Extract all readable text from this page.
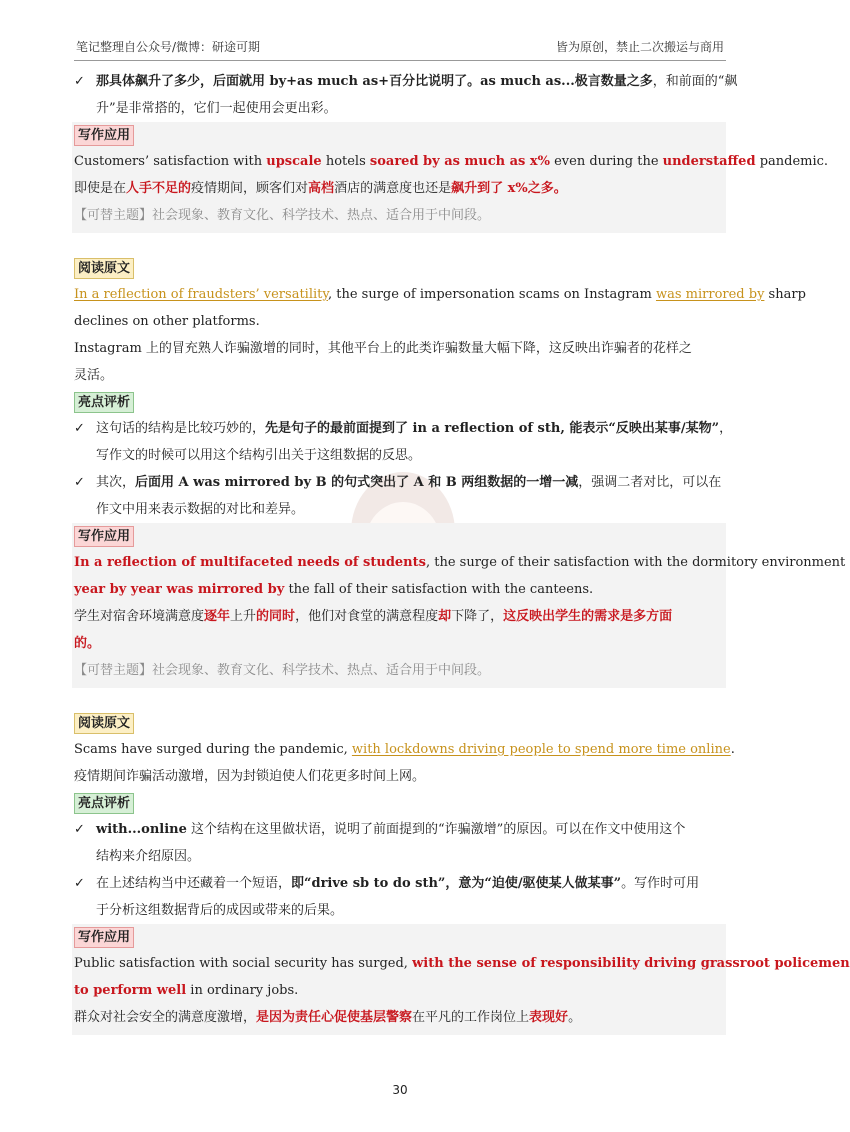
笔记整理自公众号/微博：研途可期	皆为原创，禁止二次搬运与商用
✓ 那具体飙升了多少，后面就用 by+as much as+百分比说明了。as much as...极言数量之多，和前面的“飙
升”是非常搭的，它们一起使用会更出彩。
写作应用
Customers’ satisfaction with upscale hotels soared by as much as x% even during the understaffed pandemic.
即使是在人手不足的疫情期间，顾客们对高档酒店的满意度也还是飙升到了 x%之多。
【可替主题】社会现象、教育文化、科学技术、热点、适合用于中间段。
阅读原文
In a reflection of fraudsters’ versatility, the surge of impersonation scams on Instagram was mirrored by sharp
declines on other platforms.
Instagram 上的冒充熟人诈骗激增的同时，其他平台上的此类诈骗数量大幅下降，这反映出诈骗者的花样之
灵活。
亮点评析
✓ 这句话的结构是比较巧妙的，先是句子的最前面提到了 in a reflection of sth, 能表示“反映出某事/某物”，
写作文的时候可以用这个结构引出关于这组数据的反思。
✓ 其次，后面用 A was mirrored by B 的句式突出了 A 和 B 两组数据的一增一减，强调二者对比，可以在
作文中用来表示数据的对比和差异。
写作应用
In a reflection of multifaceted needs of students, the surge of their satisfaction with the dormitory environment
year by year was mirrored by the fall of their satisfaction with the canteens.
学生对宿舍环境满意度逐年上升的同时，他们对食堂的满意程度却下降了，这反映出学生的需求是多方面
的。
【可替主题】社会现象、教育文化、科学技术、热点、适合用于中间段。
阅读原文
Scams have surged during the pandemic, with lockdowns driving people to spend more time online.
疫情期间诈骗活动激增，因为封锁迫使人们花更多时间上网。
亮点评析
✓ with...online 这个结构在这里做状语，说明了前面提到的“诈骗激增”的原因。可以在作文中使用这个
结构来介绍原因。
✓ 在上述结构当中还藏着一个短语，即“drive sb to do sth”，意为“迫使/驱使某人做某事”。写作时可用
于分析这组数据背后的成因或带来的后果。
写作应用
Public satisfaction with social security has surged, with the sense of responsibility driving grassroot policemen
to perform well in ordinary jobs.
群众对社会安全的满意度激增，是因为责任心促使基层警察在平凡的工作岗位上表现好。
30
